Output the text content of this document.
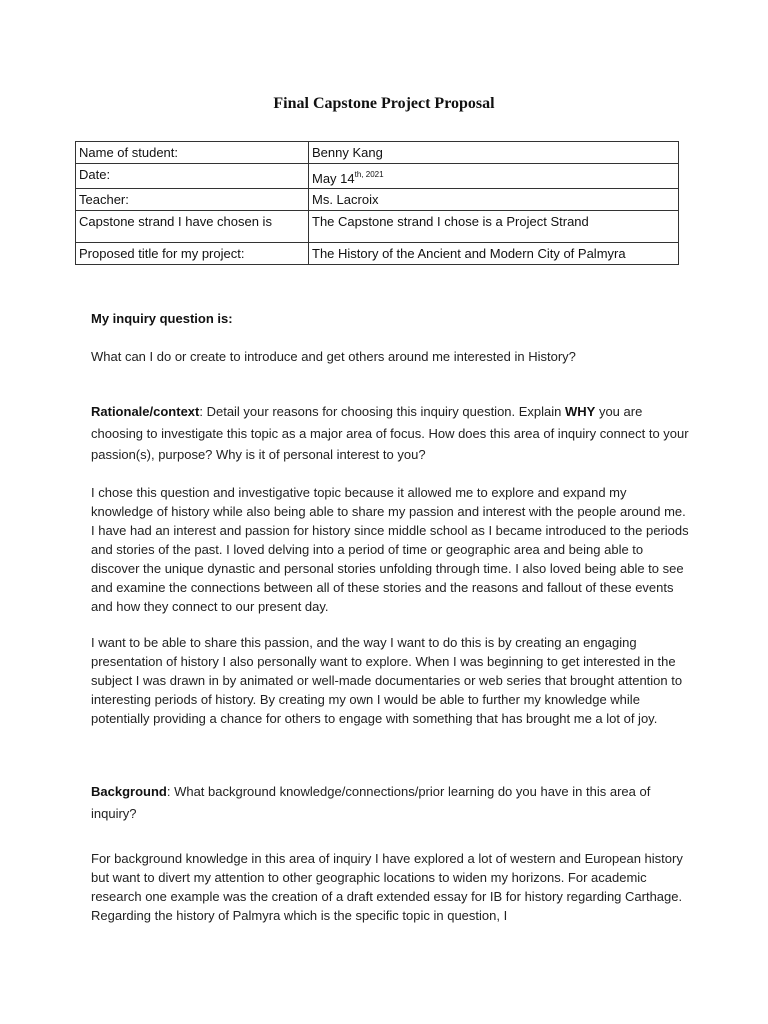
Final Capstone Project Proposal
Name of student:	Benny Kang
Date:	May $14^{th, 2021}$
Teacher:	Ms. Lacroix
Capstone strand I have chosen is	The Capstone strand I chose is a Project Strand
Proposed title for my project:	The History of the Ancient and Modern City of Palmyra

My inquiry question is:

What can I do or create to introduce and get others around me interested in History?

Rationale/context: Detail your reasons for choosing this inquiry question. Explain WHY you are choosing to investigate this topic as a major area of focus. How does this area of inquiry connect to your passion(s), purpose? Why is it of personal interest to you?

I chose this question and investigative topic because it allowed me to explore and expand my knowledge of history while also being able to share my passion and interest with the people around me. I have had an interest and passion for history since middle school as I became introduced to the periods and stories of the past. I loved delving into a period of time or geographic area and being able to discover the unique dynastic and personal stories unfolding through time. I also loved being able to see and examine the connections between all of these stories and the reasons and fallout of these events and how they connect to our present day.

I want to be able to share this passion, and the way I want to do this is by creating an engaging presentation of history I also personally want to explore. When I was beginning to get interested in the subject I was drawn in by animated or well-made documentaries or web series that brought attention to interesting periods of history. By creating my own I would be able to further my knowledge while potentially providing a chance for others to engage with something that has brought me a lot of joy.

Background: What background knowledge/connections/prior learning do you have in this area of inquiry?

For background knowledge in this area of inquiry I have explored a lot of western and European history but want to divert my attention to other geographic locations to widen my horizons. For academic research one example was the creation of a draft extended essay for IB for history regarding Carthage. Regarding the history of Palmyra which is the specific topic in question, I
